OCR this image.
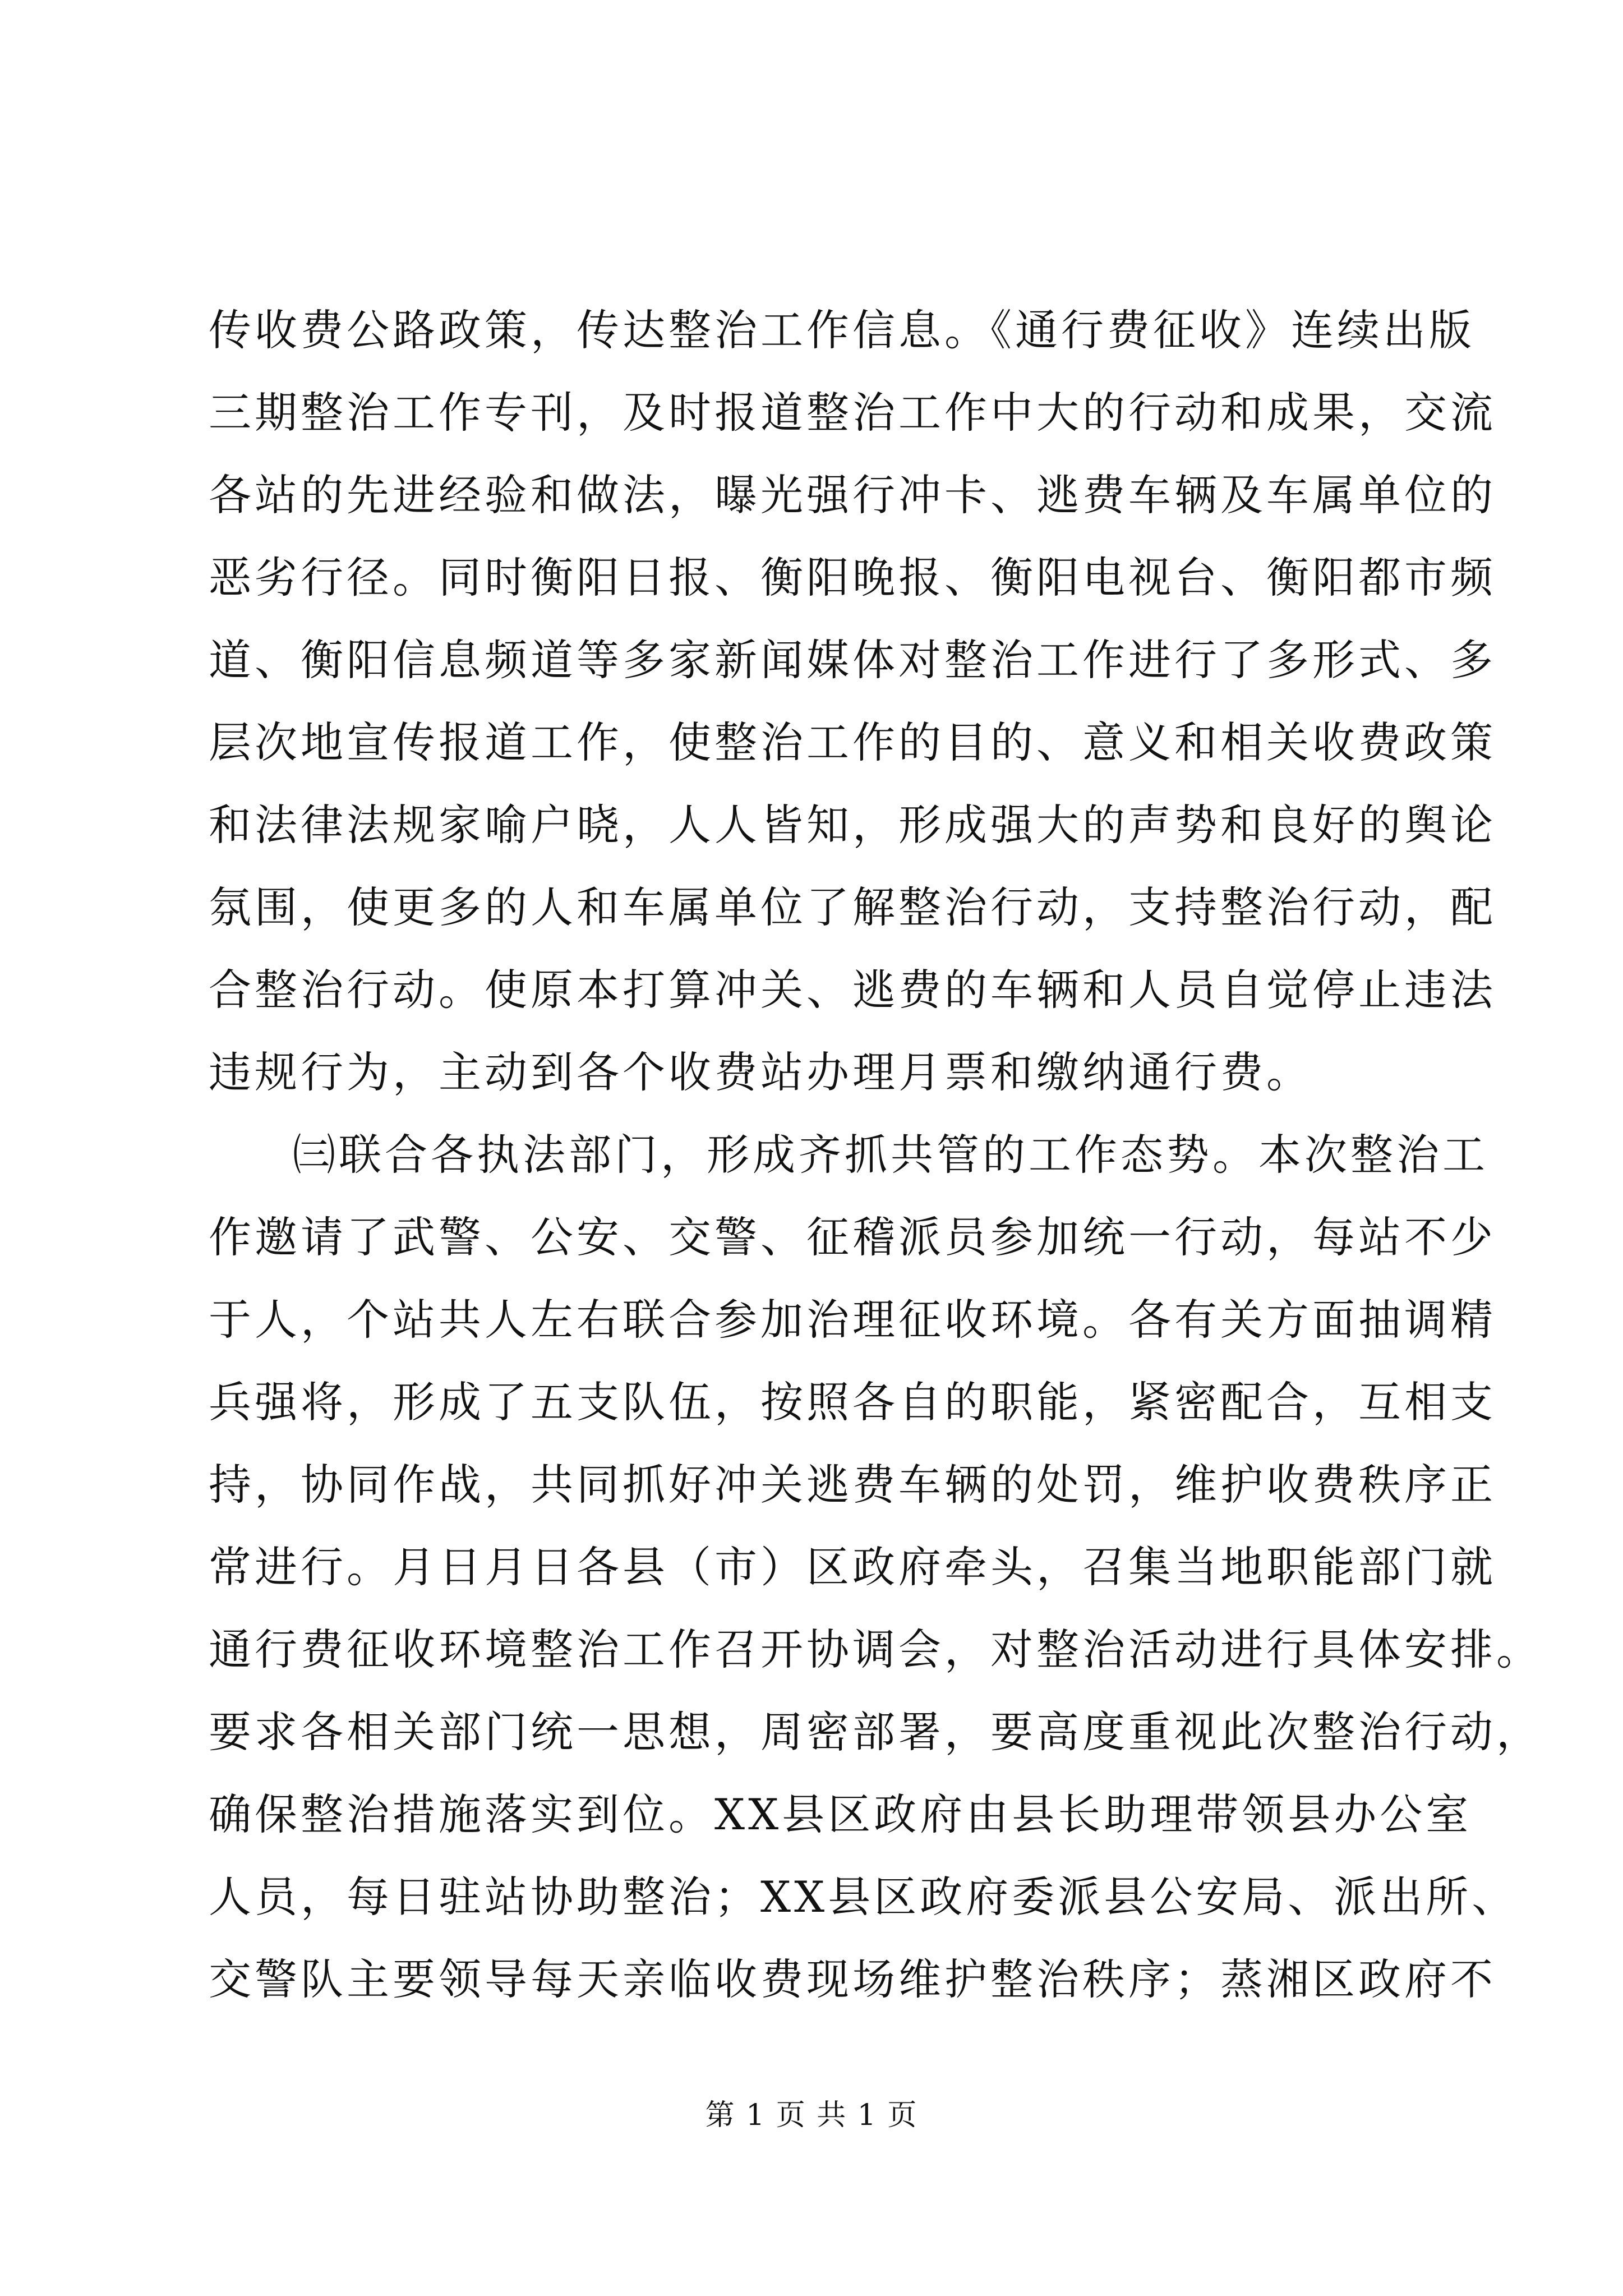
传收费公路政策，传达整治工作信息。《通行费征收》连续出版
三期整治工作专刊，及时报道整治工作中大的行动和成果，交流
各站的先进经验和做法，曝光强行冲卡、逃费车辆及车属单位的
恶劣行径。同时衡阳日报、衡阳晚报、衡阳电视台、衡阳都市频
道、衡阳信息频道等多家新闻媒体对整治工作进行了多形式、多
层次地宣传报道工作，使整治工作的目的、意义和相关收费政策
和法律法规家喻户晓，人人皆知，形成强大的声势和良好的舆论
氛围，使更多的人和车属单位了解整治行动，支持整治行动，配
合整治行动。使原本打算冲关、逃费的车辆和人员自觉停止违法
违规行为，主动到各个收费站办理月票和缴纳通行费。
㈢联合各执法部门，形成齐抓共管的工作态势。本次整治工
作邀请了武警、公安、交警、征稽派员参加统一行动，每站不少
于人，个站共人左右联合参加治理征收环境。各有关方面抽调精
兵强将，形成了五支队伍，按照各自的职能，紧密配合，互相支
持，协同作战，共同抓好冲关逃费车辆的处罚，维护收费秩序正
常进行。月日月日各县（市）区政府牵头，召集当地职能部门就
通行费征收环境整治工作召开协调会，对整治活动进行具体安排。
要求各相关部门统一思想，周密部署，要高度重视此次整治行动，
确保整治措施落实到位。XX县区政府由县长助理带领县办公室
人员，每日驻站协助整治；XX县区政府委派县公安局、派出所、
交警队主要领导每天亲临收费现场维护整治秩序；蒸湘区政府不
第 1 页 共 1 页
